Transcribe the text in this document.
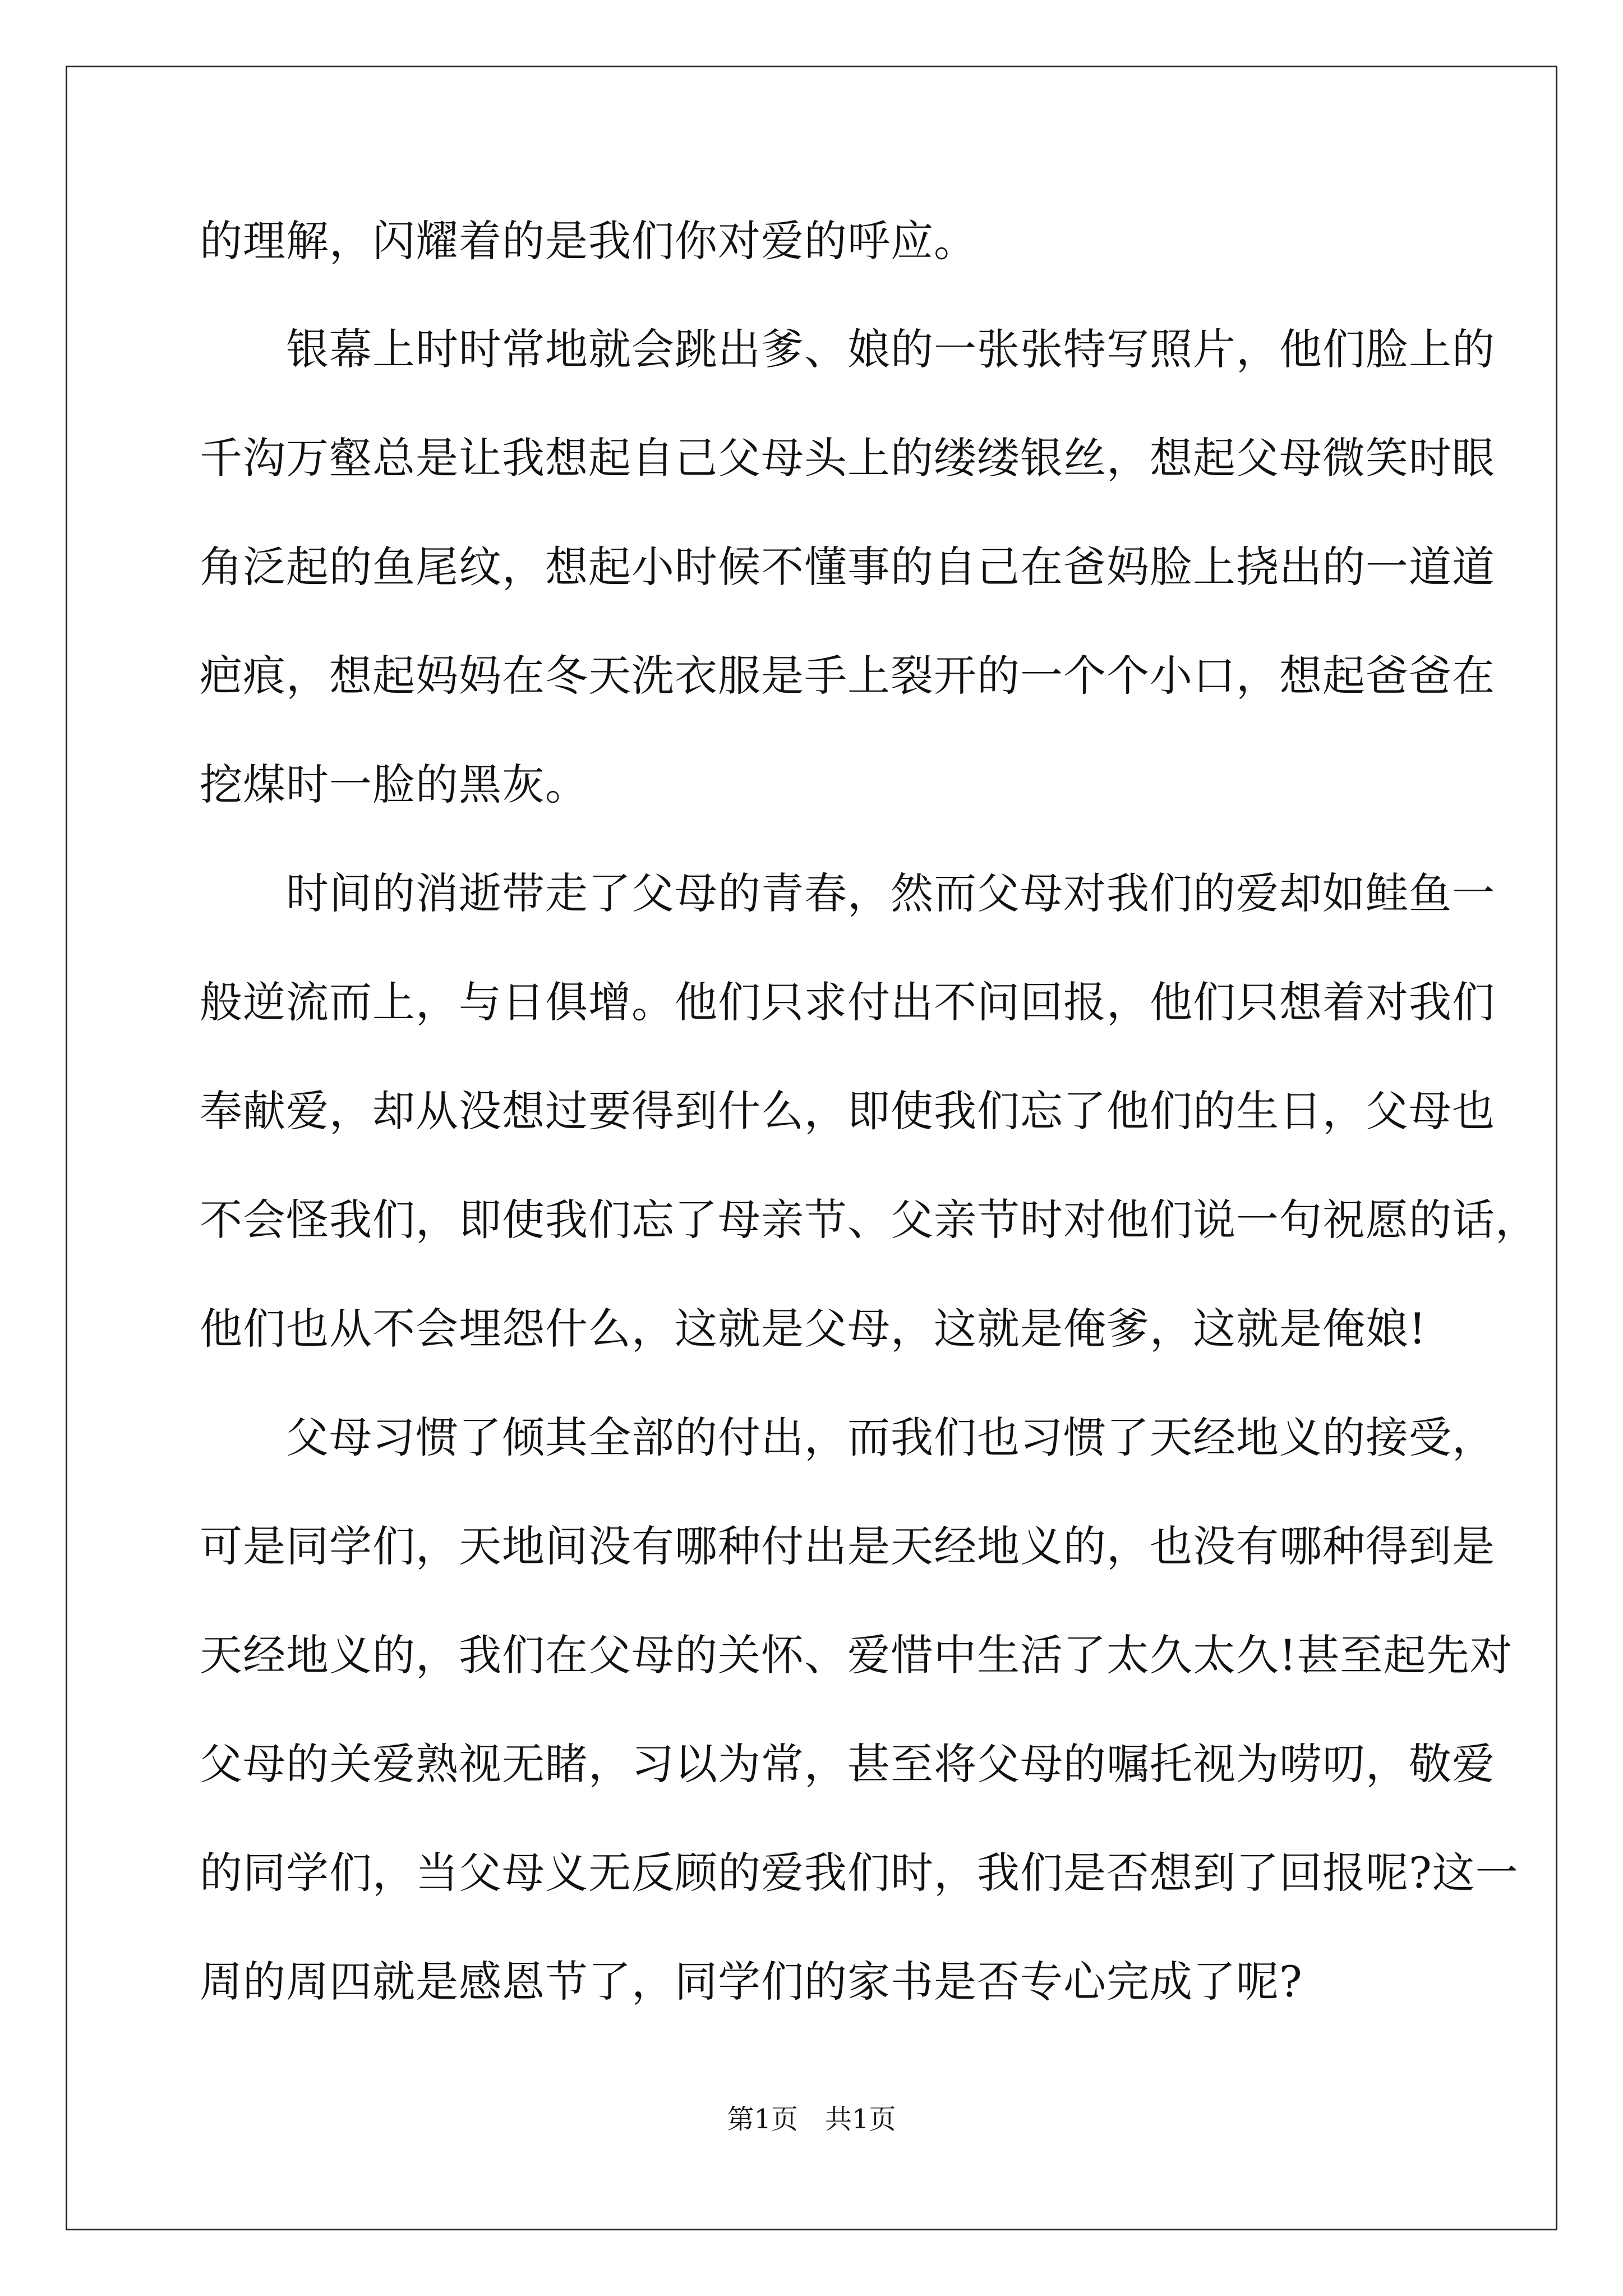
的理解，闪耀着的是我们你对爱的呼应。
　　银幕上时时常地就会跳出爹、娘的一张张特写照片，他们脸上的
千沟万壑总是让我想起自己父母头上的缕缕银丝，想起父母微笑时眼
角泛起的鱼尾纹，想起小时候不懂事的自己在爸妈脸上挠出的一道道
疤痕，想起妈妈在冬天洗衣服是手上裂开的一个个小口，想起爸爸在
挖煤时一脸的黑灰。
　　时间的消逝带走了父母的青春，然而父母对我们的爱却如鲑鱼一
般逆流而上，与日俱增。他们只求付出不问回报，他们只想着对我们
奉献爱，却从没想过要得到什么，即使我们忘了他们的生日，父母也
不会怪我们，即使我们忘了母亲节、父亲节时对他们说一句祝愿的话，
他们也从不会埋怨什么，这就是父母，这就是俺爹，这就是俺娘!
　　父母习惯了倾其全部的付出，而我们也习惯了天经地义的接受，
可是同学们，天地间没有哪种付出是天经地义的，也没有哪种得到是
天经地义的，我们在父母的关怀、爱惜中生活了太久太久!甚至起先对
父母的关爱熟视无睹，习以为常，甚至将父母的嘱托视为唠叨，敬爱
的同学们，当父母义无反顾的爱我们时，我们是否想到了回报呢?这一
周的周四就是感恩节了，同学们的家书是否专心完成了呢?
第1页　共1页
